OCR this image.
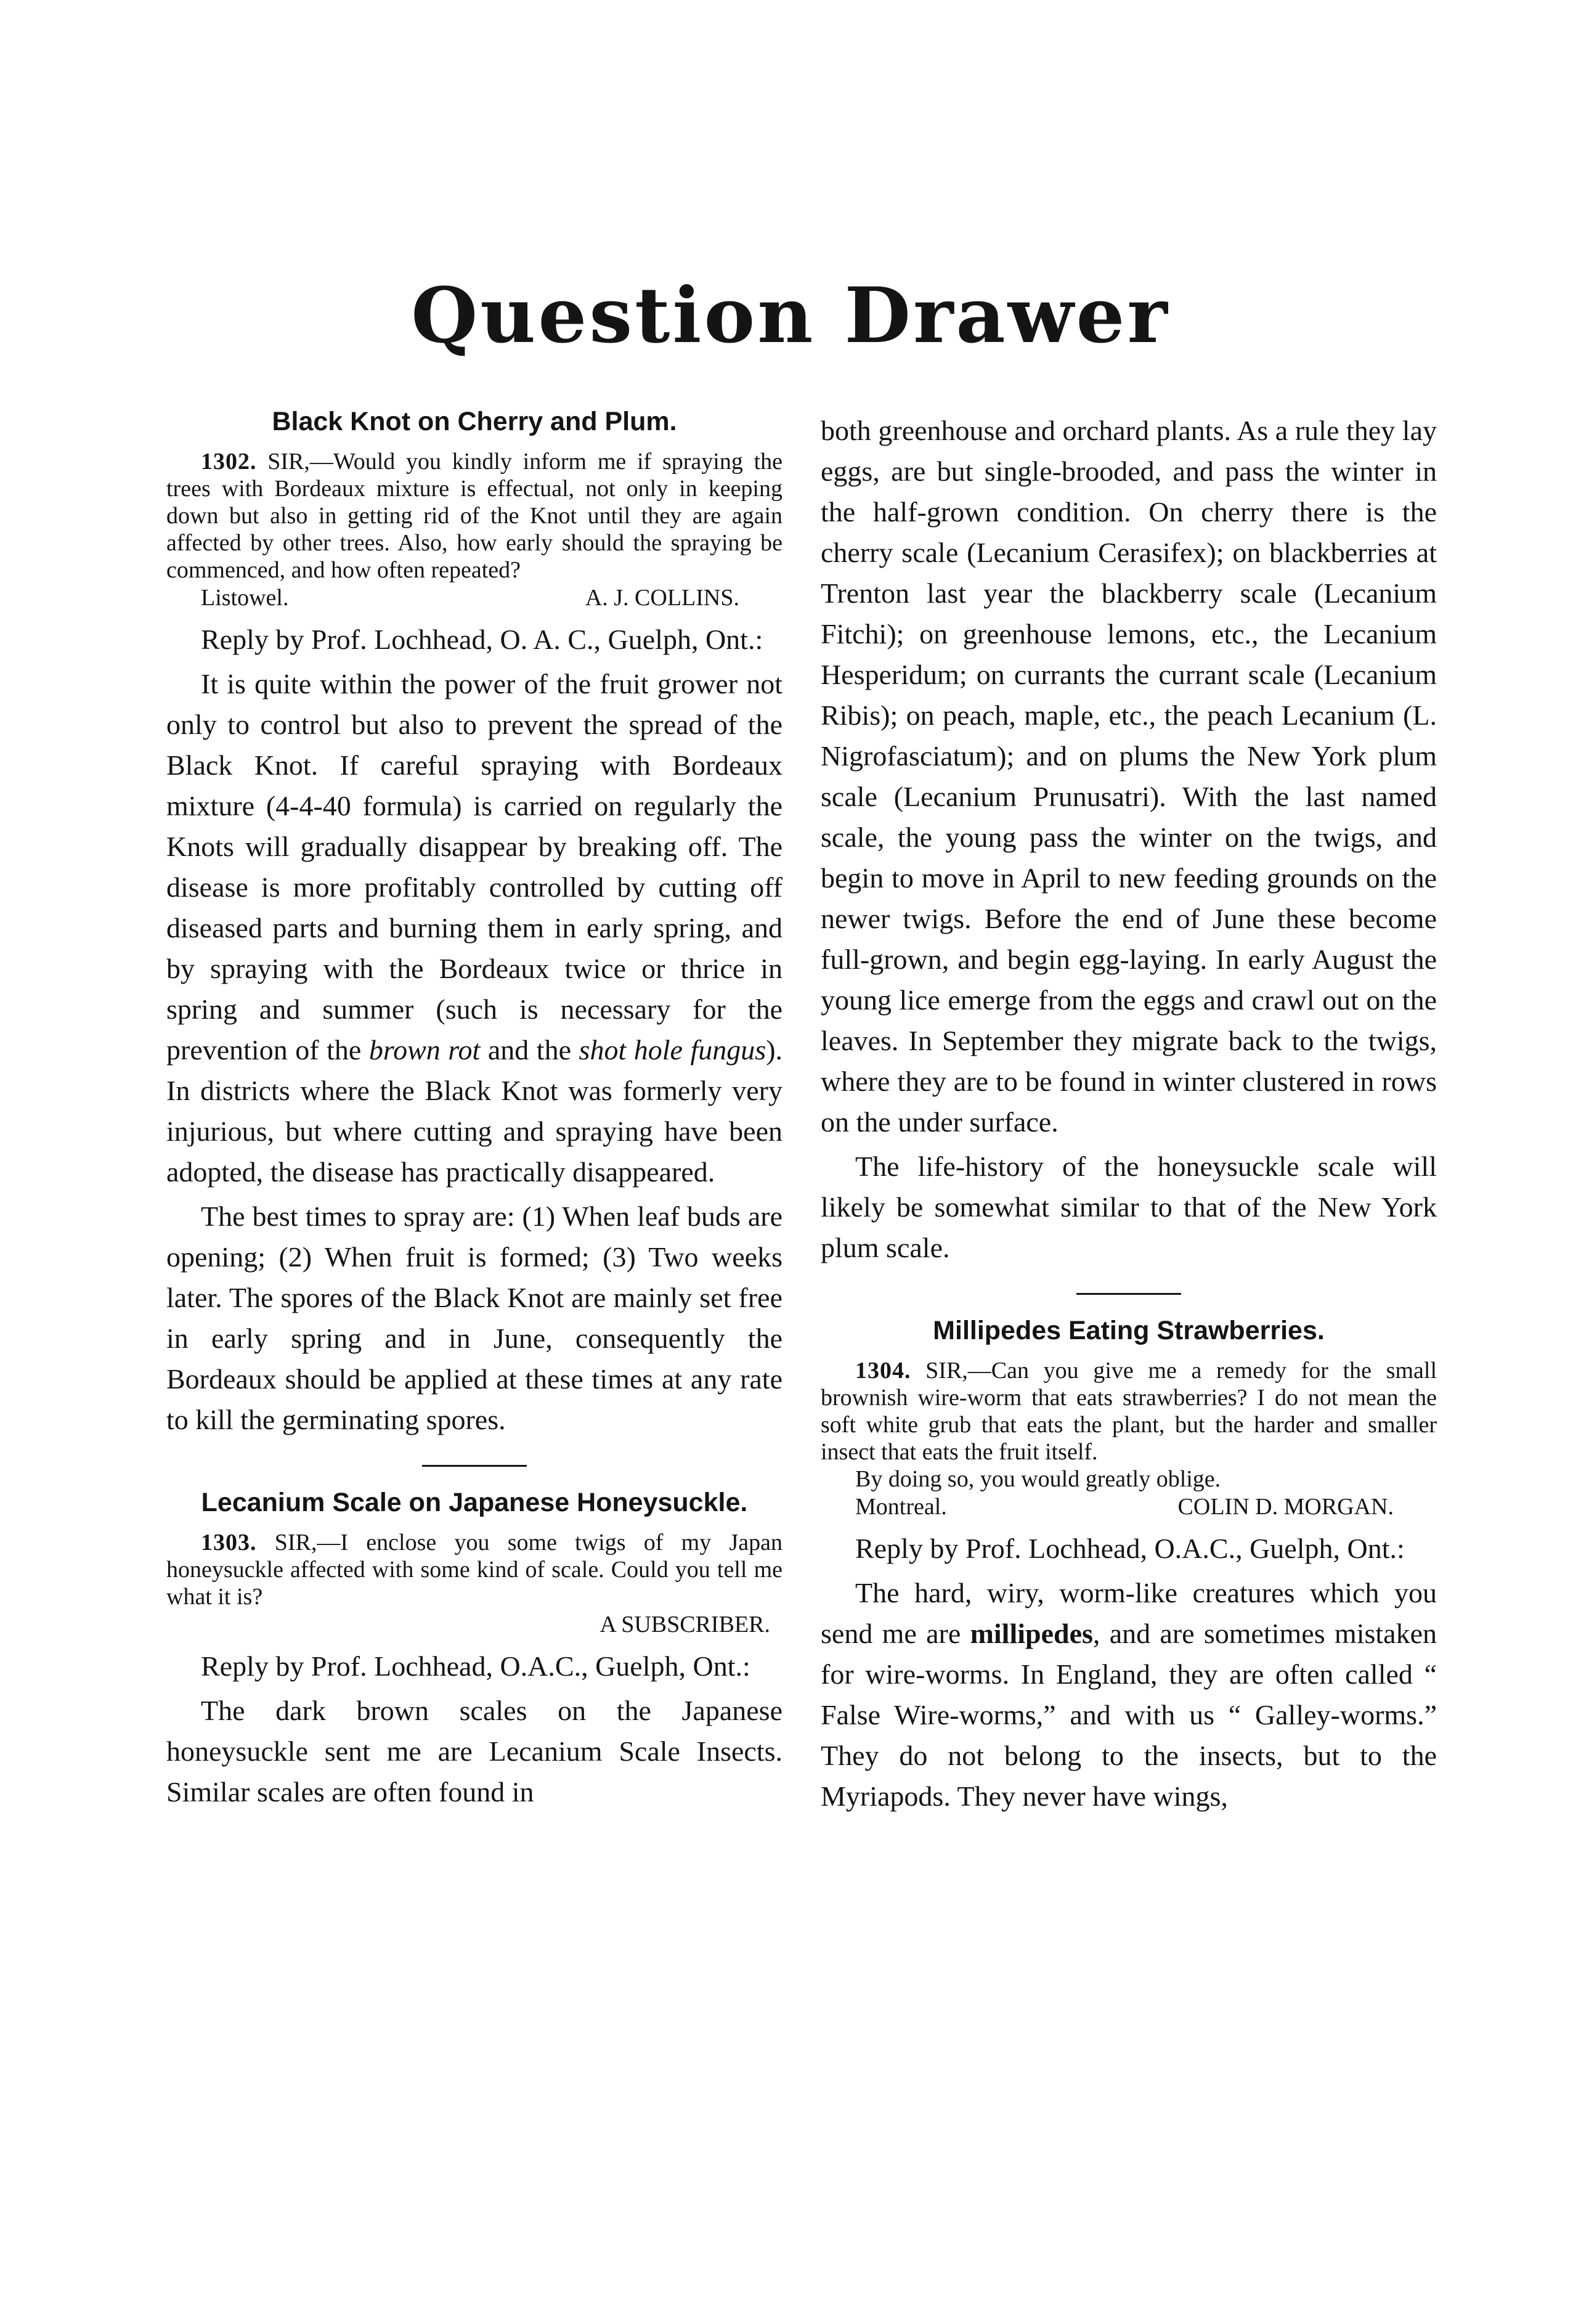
Question Drawer

Black Knot on Cherry and Plum.

1302. SIR,—Would you kindly inform me if spraying the trees with Bordeaux mixture is effectual, not only in keeping down but also in getting rid of the Knot until they are again affected by other trees. Also, how early should the spraying be commenced, and how often repeated?

Listowel.	A. J. COLLINS.

Reply by Prof. Lochhead, O. A. C., Guelph, Ont.:

It is quite within the power of the fruit grower not only to control but also to prevent the spread of the Black Knot. If careful spraying with Bordeaux mixture (4-4-40 formula) is carried on regularly the Knots will gradually disappear by breaking off. The disease is more profitably controlled by cutting off diseased parts and burning them in early spring, and by spraying with the Bordeaux twice or thrice in spring and summer (such is necessary for the prevention of the brown rot and the shot hole fungus). In districts where the Black Knot was formerly very injurious, but where cutting and spraying have been adopted, the disease has practically disappeared.

The best times to spray are: (1) When leaf buds are opening; (2) When fruit is formed; (3) Two weeks later. The spores of the Black Knot are mainly set free in early spring and in June, consequently the Bordeaux should be applied at these times at any rate to kill the germinating spores.

Lecanium Scale on Japanese Honeysuckle.

1303. SIR,—I enclose you some twigs of my Japan honeysuckle affected with some kind of scale. Could you tell me what it is?

A SUBSCRIBER.

Reply by Prof. Lochhead, O.A.C., Guelph, Ont.:

The dark brown scales on the Japanese honeysuckle sent me are Lecanium Scale Insects. Similar scales are often found in

both greenhouse and orchard plants. As a rule they lay eggs, are but single-brooded, and pass the winter in the half-grown condition. On cherry there is the cherry scale (Lecanium Cerasifex); on blackberries at Trenton last year the blackberry scale (Lecanium Fitchi); on greenhouse lemons, etc., the Lecanium Hesperidum; on currants the currant scale (Lecanium Ribis); on peach, maple, etc., the peach Lecanium (L. Nigrofasciatum); and on plums the New York plum scale (Lecanium Prunusatri). With the last named scale, the young pass the winter on the twigs, and begin to move in April to new feeding grounds on the newer twigs. Before the end of June these become full-grown, and begin egg-laying. In early August the young lice emerge from the eggs and crawl out on the leaves. In September they migrate back to the twigs, where they are to be found in winter clustered in rows on the under surface.

The life-history of the honeysuckle scale will likely be somewhat similar to that of the New York plum scale.

Millipedes Eating Strawberries.

1304. SIR,—Can you give me a remedy for the small brownish wire-worm that eats strawberries? I do not mean the soft white grub that eats the plant, but the harder and smaller insect that eats the fruit itself.

By doing so, you would greatly oblige.

Montreal.	COLIN D. MORGAN.

Reply by Prof. Lochhead, O.A.C., Guelph, Ont.:

The hard, wiry, worm-like creatures which you send me are millipedes, and are sometimes mistaken for wire-worms. In England, they are often called “ False Wire-worms,” and with us “ Galley-worms.” They do not belong to the insects, but to the Myriapods. They never have wings,
